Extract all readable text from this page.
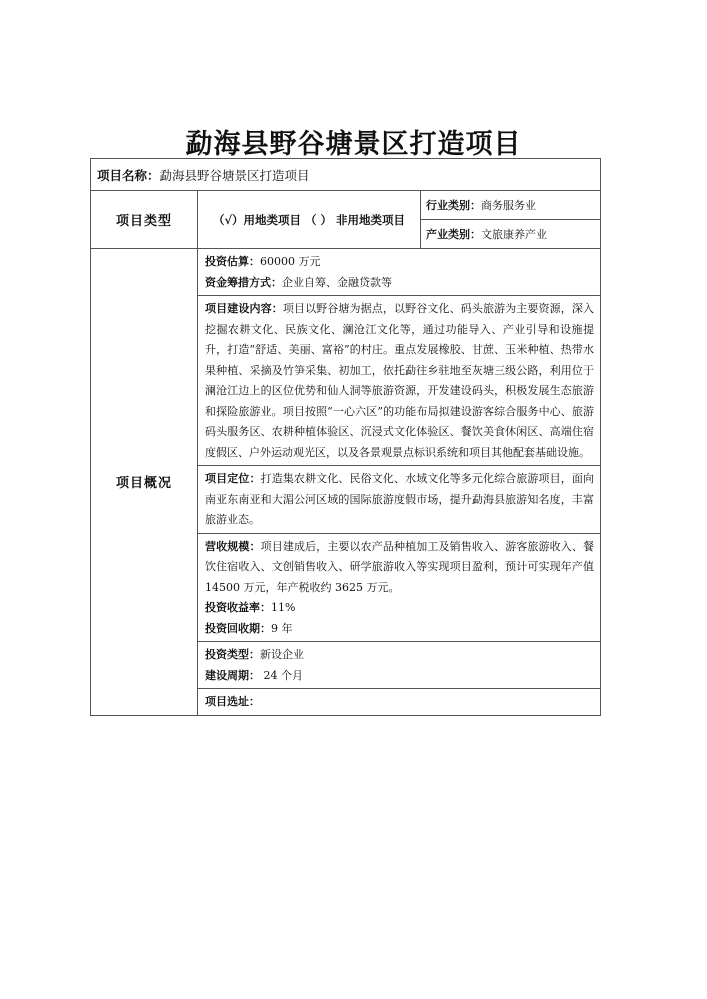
勐海县野谷塘景区打造项目
项目名称：勐海县野谷塘景区打造项目		
项目类型	（√）用地类项目 （ ） 非用地类项目	行业类别：商务服务业
		产业类别：文旅康养产业
项目概况	投资估算：60000 万元
资金筹措方式：企业自筹、金融贷款等	

	项目建设内容：项目以野谷塘为据点，以野谷文化、码头旅游为主要资源，深入挖掘农耕文化、民族文化、澜沧江文化等，通过功能导入、产业引导和设施提升，打造“舒适、美丽、富裕”的村庄。重点发展橡胶、甘蔗、玉米种植、热带水果种植、采摘及竹笋采集、初加工，依托勐往乡驻地至灰塘三级公路，利用位于澜沧江边上的区位优势和仙人洞等旅游资源，开发建设码头，积极发展生态旅游和探险旅游业。项目按照“一心六区”的功能布局拟建设游客综合服务中心、旅游码头服务区、农耕种植体验区、沉浸式文化体验区、餐饮美食休闲区、高端住宿度假区、户外运动观光区，以及各景观景点标识系统和项目其他配套基础设施。	
	项目定位：打造集农耕文化、民俗文化、水域文化等多元化综合旅游项目，面向南亚东南亚和大湄公河区域的国际旅游度假市场，提升勐海县旅游知名度，丰富旅游业态。	

	营收规模：项目建成后，主要以农产品种植加工及销售收入、游客旅游收入、餐饮住宿收入、文创销售收入、研学旅游收入等实现项目盈利，预计可实现年产值 14500 万元，年产税收约 3625 万元。
投资收益率：11%
投资回收期：9 年	

	投资类型：新设企业
建设周期： 24 个月	

	项目选址：	
